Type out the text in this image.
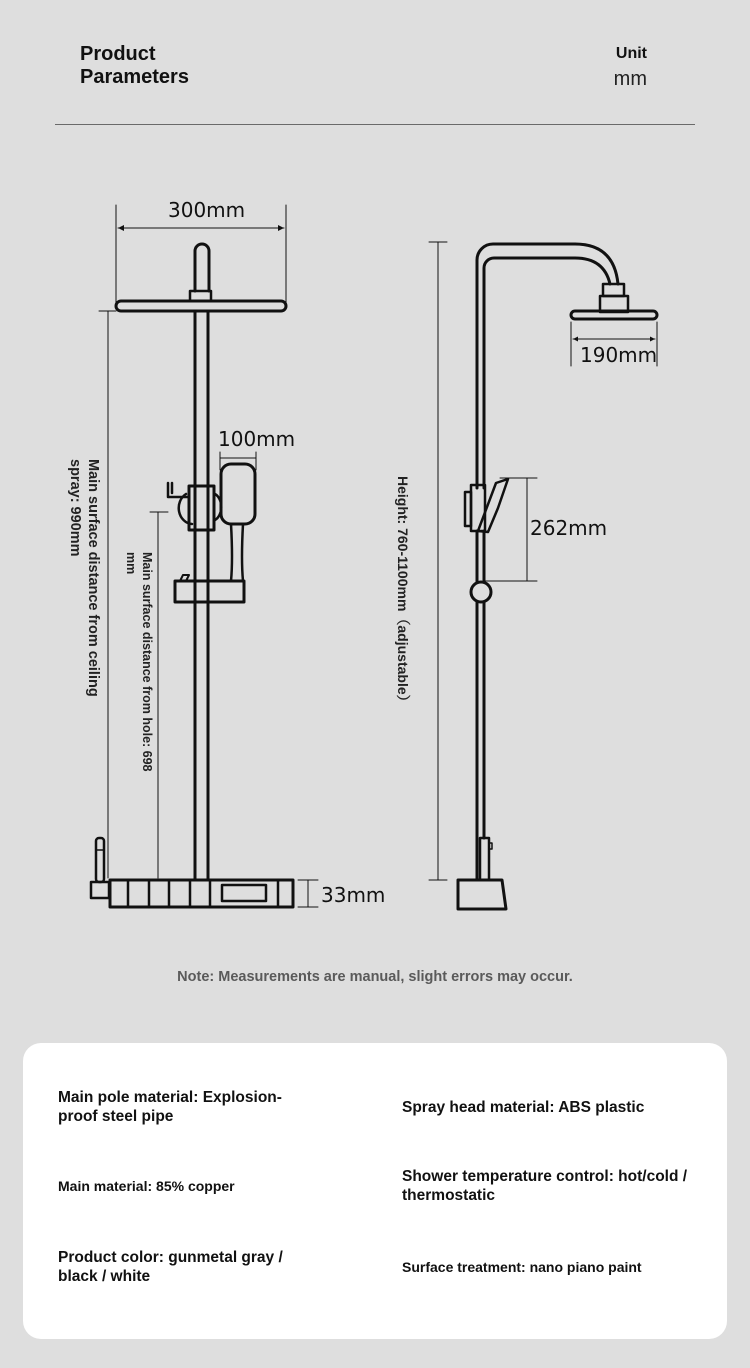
Product
Parameters
Unit
mm
300mm
100mm
33mm
190mm
262mm
Main surface distance from ceiling
spray: 990mm
Main surface distance from hole: 698
mm	Height: 760-1100mm（adjustable）
Note: Measurements are manual, slight errors may occur.
Main pole material: Explosion-
proof steel pipe
Spray head material: ABS plastic
Main material: 85% copper
Shower temperature control: hot/cold /
thermostatic
Product color: gunmetal gray /
black / white
Surface treatment: nano piano paint
